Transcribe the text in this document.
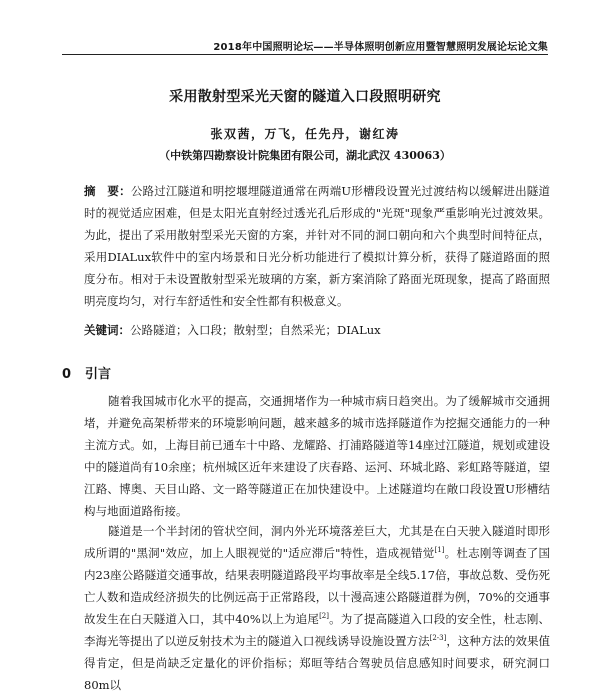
2018年中国照明论坛——半导体照明创新应用暨智慧照明发展论坛论文集
采用散射型采光天窗的隧道入口段照明研究
张双茜，万飞，任先丹，谢红涛
（中铁第四勘察设计院集团有限公司，湖北武汉 430063）
摘　要：公路过江隧道和明挖堰埋隧道通常在两端U形槽段设置光过渡结构以缓解进出隧道时的视觉适应困难，但是太阳光直射经过透光孔后形成的"光斑"现象严重影响光过渡效果。为此，提出了采用散射型采光天窗的方案，并针对不同的洞口朝向和六个典型时间特征点，采用DIALux软件中的室内场景和日光分析功能进行了模拟计算分析，获得了隧道路面的照度分布。相对于未设置散射型采光玻璃的方案，新方案消除了路面光斑现象，提高了路面照明亮度均匀，对行车舒适性和安全性都有积极意义。
关键词：公路隧道；入口段；散射型；自然采光；DIALux
0 引言
随着我国城市化水平的提高，交通拥堵作为一种城市病日趋突出。为了缓解城市交通拥堵，并避免高架桥带来的环境影响问题，越来越多的城市选择隧道作为挖掘交通能力的一种主流方式。如，上海目前已通车十中路、龙耀路、打浦路隧道等14座过江隧道，规划或建设中的隧道尚有10余座；杭州城区近年来建设了庆春路、运河、环城北路、彩虹路等隧道，望江路、博奥、天目山路、文一路等隧道正在加快建设中。上述隧道均在敞口段设置U形槽结构与地面道路衔接。
隧道是一个半封闭的管状空间，洞内外光环境落差巨大，尤其是在白天驶入隧道时即形成所谓的"黑洞"效应，加上人眼视觉的"适应滞后"特性，造成视错觉[1]。杜志刚等调查了国内23座公路隧道交通事故，结果表明隧道路段平均事故率是全线5.17倍，事故总数、受伤死亡人数和造成经济损失的比例远高于正常路段，以十漫高速公路隧道群为例，70%的交通事故发生在白天隧道入口，其中40%以上为追尾[2]。为了提高隧道入口段的安全性，杜志刚、李海光等提出了以逆反射技术为主的隧道入口视线诱导设施设置方法[2-3]，这种方法的效果值得肯定，但是尚缺乏定量化的评价指标；郑晅等结合驾驶员信息感知时间要求，研究洞口80m以
